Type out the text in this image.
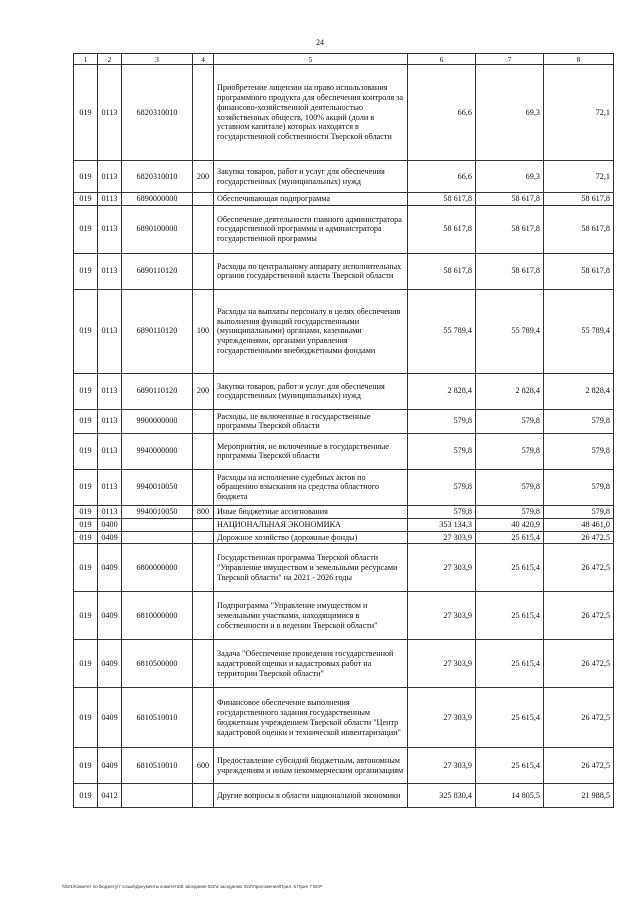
24
1	2	3	4	5	6	7	8
019	0113	6820310010		Приобретение лицензии на право использования программного продукта для обеспечения контроля за финансово-хозяйственной деятельностью хозяйственных обществ, 100% акций (доли в уставном капитале) которых находятся в государственной собственности Тверской области	66,6	69,3	72,1
019	0113	6820310010	200	Закупка товаров, работ и услуг для обеспечения государственных (муниципальных) нужд	66,6	69,3	72,1
019	0113	6890000000		Обеспечивающая подпрограмма	58 617,8	58 617,8	58 617,8
019	0113	6890100000		Обеспечение деятельности главного администратора государственной программы и администратора государственной программы	58 617,8	58 617,8	58 617,8
019	0113	6890110120		Расходы по центральному аппарату исполнительных органов государственной власти Тверской области	58 617,8	58 617,8	58 617,8
019	0113	6890110120	100	Расходы на выплаты персоналу в целях обеспечения выполнения функций государственными (муниципальными) органами, казенными учреждениями, органами управления государственными внебюджетными фондами	55 789,4	55 789,4	55 789,4
019	0113	6890110120	200	Закупка товаров, работ и услуг для обеспечения государственных (муниципальных) нужд	2 828,4	2 828,4	2 828,4
019	0113	9900000000		Расходы, не включенные в государственные программы Тверской области	579,8	579,8	579,8
019	0113	9940000000		Мероприятия, не включенные в государственные программы Тверской области	579,8	579,8	579,8
019	0113	9940010050		Расходы на исполнение судебных актов по обращению взыскания на средства областного бюджета	579,8	579,8	579,8
019	0113	9940010050	800	Иные бюджетные ассигнования	579,8	579,8	579,8
019	0400			НАЦИОНАЛЬНАЯ ЭКОНОМИКА	353 134,3	40 420,9	48 461,0
019	0409			Дорожное хозяйство (дорожные фонды)	27 303,9	25 615,4	26 472,5
019	0409	6800000000		Государственная программа Тверской области "Управление имуществом и земельными ресурсами Тверской области" на 2021 - 2026 годы	27 303,9	25 615,4	26 472,5
019	0409	6810000000		Подпрограмма "Управление имуществом и земельными участками, находящимися в собственности и в ведении Тверской области"	27 303,9	25 615,4	26 472,5
019	0409	6810500000		Задача "Обеспечение проведения государственной кадастровой оценки и кадастровых работ на территории Тверской области"	27 303,9	25 615,4	26 472,5
019	0409	6810510010		Финансовое обеспечение выполнения государственного задания государственным бюджетным учреждением Тверской области "Центр кадастровой оценки и технической инвентаризации"	27 303,9	25 615,4	26 472,5
019	0409	6810510010	600	Предоставление субсидий бюджетным, автономным учреждениям и иным некоммерческим организациям	27 303,9	25 615,4	26 472,5
019	0412			Другие вопросы в области национальной экономики	325 830,4	14 805,5	21 988,5
\\fs01\Комитет по бюджету\7 созыв\Документы комитета\В заседание 022\к заседанию 022\Приложения\Прил. 6 Прил 7 ВСР
